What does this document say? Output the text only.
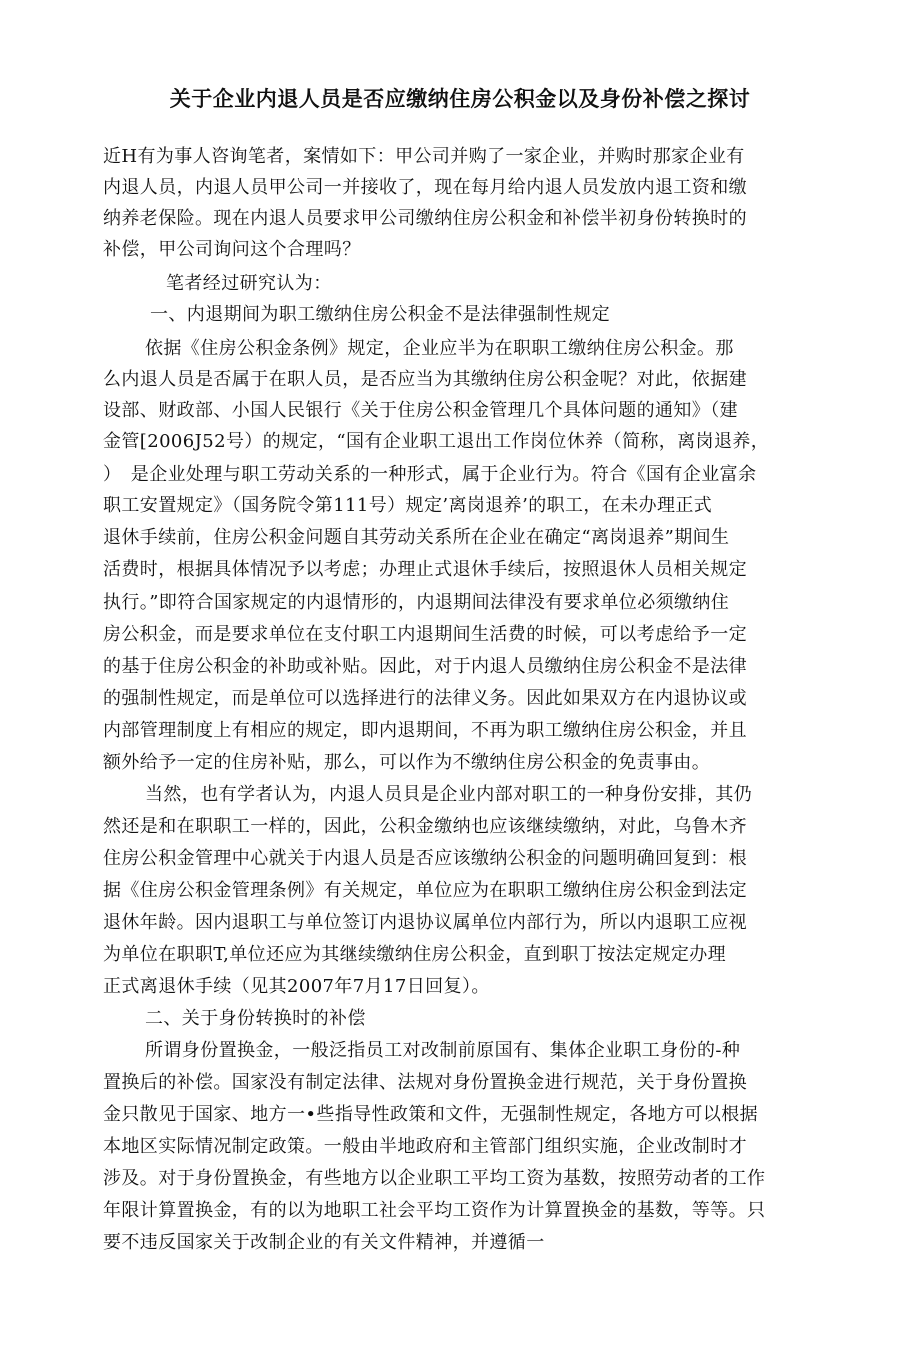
关于企业内退人员是否应缴纳住房公积金以及身份补偿之探讨
近H有为事人咨询笔者，案情如下：甲公司并购了一家企业，并购时那家企业有
内退人员，内退人员甲公司一并接收了，现在每月给内退人员发放内退工资和缴
纳养老保险。现在内退人员要求甲公司缴纳住房公积金和补偿半初身份转换时的
补偿，甲公司询问这个合理吗？
笔者经过研究认为：
一、内退期间为职工缴纳住房公积金不是法律强制性规定
依据《住房公积金条例》规定，企业应半为在职职工缴纳住房公积金。那
么内退人员是否属于在职人员，是否应当为其缴纳住房公积金呢？对此，依据建
设部、财政部、小国人民银行《关于住房公积金管理几个具体问题的通知》（建
金管[2006J52号）的规定，“国有企业职工退出工作岗位休养（简称，离岗退养，
）　是企业处理与职工劳动关系的一种形式，属于企业行为。符合《国有企业富余
职工安置规定》（国务院令第111号）规定’离岗退养’的职工，在未办理正式
退休手续前，住房公积金问题自其劳动关系所在企业在确定“离岗退养”期间生
活费时，根据具体情况予以考虑；办理止式退休手续后，按照退休人员相关规定
执行。”即符合国家规定的内退情形的，内退期间法律没有要求单位必须缴纳住
房公积金，而是要求单位在支付职工内退期间生活费的时候，可以考虑给予一定
的基于住房公积金的补助或补贴。因此，对于内退人员缴纳住房公积金不是法律
的强制性规定，而是单位可以选择进行的法律义务。因此如果双方在内退协议或
内部管理制度上有相应的规定，即内退期间，不再为职工缴纳住房公积金，并且
额外给予一定的住房补贴，那么，可以作为不缴纳住房公积金的免责事由。
当然，也有学者认为，内退人员貝是企业内部对职工的一种身份安排，其仍
然还是和在职职工一样的，因此，公积金缴纳也应该继续缴纳，对此，乌鲁木齐
住房公积金管理中心就关于内退人员是否应该缴纳公积金的问题明确回复到：根
据《住房公积金管理条例》有关规定，单位应为在职职工缴纳住房公积金到法定
退休年龄。因内退职工与单位签订内退协议属单位内部行为，所以内退职工应视
为单位在职职T,单位还应为其继续缴纳住房公积金，直到职丁按法定规定办理
正式离退休手续（见其2007年7月17日回复）。
二、关于身份转换时的补偿
所谓身份置换金，一般泛指员工对改制前原国有、集体企业职工身份的-种
置换后的补偿。国家没有制定法律、法规对身份置换金进行规范，关于身份置换
金只散见于国家、地方一•些指导性政策和文件，无强制性规定，各地方可以根据
本地区实际情况制定政策。一般由半地政府和主管部门组织实施，企业改制时才
涉及。对于身份置换金，有些地方以企业职工平均工资为基数，按照劳动者的工作
年限计算置换金，有的以为地职工社会平均工资作为计算置换金的基数，等等。只
要不违反国家关于改制企业的有关文件精神，并遵循一
